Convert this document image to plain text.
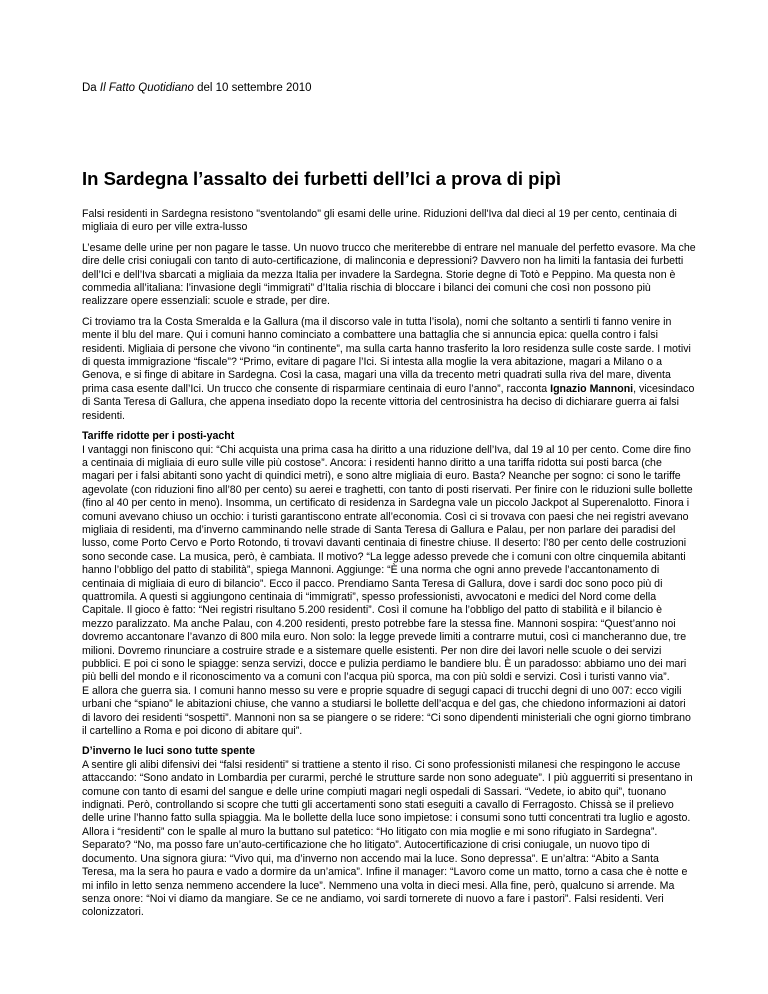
Da Il Fatto Quotidiano del 10 settembre 2010
In Sardegna l’assalto dei furbetti dell’Ici a prova di pipì

Falsi residenti in Sardegna resistono "sventolando" gli esami delle urine. Riduzioni dell'Iva dal dieci al 19 per cento, centinaia di migliaia di euro per ville extra-lusso

L’esame delle urine per non pagare le tasse. Un nuovo trucco che meriterebbe di entrare nel manuale del perfetto evasore. Ma che dire delle crisi coniugali con tanto di auto-certificazione, di malinconia e depressioni? Davvero non ha limiti la fantasia dei furbetti dell’Ici e dell’Iva sbarcati a migliaia da mezza Italia per invadere la Sardegna. Storie degne di Totò e Peppino. Ma questa non è commedia all’italiana: l’invasione degli “immigrati” d’Italia rischia di bloccare i bilanci dei comuni che così non possono più realizzare opere essenziali: scuole e strade, per dire.

Ci troviamo tra la Costa Smeralda e la Gallura (ma il discorso vale in tutta l’isola), nomi che soltanto a sentirli ti fanno venire in mente il blu del mare. Qui i comuni hanno cominciato a combattere una battaglia che si annuncia epica: quella contro i falsi residenti. Migliaia di persone che vivono “in continente”, ma sulla carta hanno trasferito la loro residenza sulle coste sarde. I motivi di questa immigrazione “fiscale”? “Primo, evitare di pagare l’Ici. Si intesta alla moglie la vera abitazione, magari a Milano o a Genova, e si finge di abitare in Sardegna. Così la casa, magari una villa da trecento metri quadrati sulla riva del mare, diventa prima casa esente dall’Ici. Un trucco che consente di risparmiare centinaia di euro l’anno”, racconta Ignazio Mannoni, vicesindaco di Santa Teresa di Gallura, che appena insediato dopo la recente vittoria del centrosinistra ha deciso di dichiarare guerra ai falsi residenti.

Tariffe ridotte per i posti-yacht

I vantaggi non finiscono qui: “Chi acquista una prima casa ha diritto a una riduzione dell’Iva, dal 19 al 10 per cento. Come dire fino a centinaia di migliaia di euro sulle ville più costose”. Ancora: i residenti hanno diritto a una tariffa ridotta sui posti barca (che magari per i falsi abitanti sono yacht di quindici metri), e sono altre migliaia di euro. Basta? Neanche per sogno: ci sono le tariffe agevolate (con riduzioni fino all’80 per cento) su aerei e traghetti, con tanto di posti riservati. Per finire con le riduzioni sulle bollette (fino al 40 per cento in meno). Insomma, un certificato di residenza in Sardegna vale un piccolo Jackpot al Superenalotto. Finora i comuni avevano chiuso un occhio: i turisti garantiscono entrate all’economia. Così ci si trovava con paesi che nei registri avevano migliaia di residenti, ma d’inverno camminando nelle strade di Santa Teresa di Gallura e Palau, per non parlare dei paradisi del lusso, come Porto Cervo e Porto Rotondo, ti trovavi davanti centinaia di finestre chiuse. Il deserto: l’80 per cento delle costruzioni sono seconde case. La musica, però, è cambiata. Il motivo? “La legge adesso prevede che i comuni con oltre cinquemila abitanti hanno l’obbligo del patto di stabilità”, spiega Mannoni. Aggiunge: “È una norma che ogni anno prevede l’accantonamento di centinaia di migliaia di euro di bilancio”. Ecco il pacco. Prendiamo Santa Teresa di Gallura, dove i sardi doc sono poco più di quattromila. A questi si aggiungono centinaia di “immigrati”, spesso professionisti, avvocatoni e medici del Nord come della Capitale. Il gioco è fatto: “Nei registri risultano 5.200 residenti”. Così il comune ha l’obbligo del patto di stabilità e il bilancio è mezzo paralizzato. Ma anche Palau, con 4.200 residenti, presto potrebbe fare la stessa fine. Mannoni sospira: “Quest’anno noi dovremo accantonare l’avanzo di 800 mila euro. Non solo: la legge prevede limiti a contrarre mutui, così ci mancheranno due, tre milioni. Dovremo rinunciare a costruire strade e a sistemare quelle esistenti. Per non dire dei lavori nelle scuole o dei servizi pubblici. E poi ci sono le spiagge: senza servizi, docce e pulizia perdiamo le bandiere blu. È un paradosso: abbiamo uno dei mari più belli del mondo e il riconoscimento va a comuni con l’acqua più sporca, ma con più soldi e servizi. Così i turisti vanno via”.
E allora che guerra sia. I comuni hanno messo su vere e proprie squadre di segugi capaci di trucchi degni di uno 007: ecco vigili urbani che “spiano” le abitazioni chiuse, che vanno a studiarsi le bollette dell’acqua e del gas, che chiedono informazioni ai datori di lavoro dei residenti “sospetti”. Mannoni non sa se piangere o se ridere: “Ci sono dipendenti ministeriali che ogni giorno timbrano il cartellino a Roma e poi dicono di abitare qui”.

D’inverno le luci sono tutte spente

A sentire gli alibi difensivi dei “falsi residenti” si trattiene a stento il riso. Ci sono professionisti milanesi che respingono le accuse attaccando: “Sono andato in Lombardia per curarmi, perché le strutture sarde non sono adeguate”. I più agguerriti si presentano in comune con tanto di esami del sangue e delle urine compiuti magari negli ospedali di Sassari. “Vedete, io abito qui”, tuonano indignati. Però, controllando si scopre che tutti gli accertamenti sono stati eseguiti a cavallo di Ferragosto. Chissà se il prelievo delle urine l’hanno fatto sulla spiaggia. Ma le bollette della luce sono impietose: i consumi sono tutti concentrati tra luglio e agosto.
Allora i “residenti” con le spalle al muro la buttano sul patetico: “Ho litigato con mia moglie e mi sono rifugiato in Sardegna”. Separato? “No, ma posso fare un’auto-certificazione che ho litigato”. Autocertificazione di crisi coniugale, un nuovo tipo di documento. Una signora giura: “Vivo qui, ma d’inverno non accendo mai la luce. Sono depressa”. E un’altra: “Abito a Santa Teresa, ma la sera ho paura e vado a dormire da un’amica”. Infine il manager: “Lavoro come un matto, torno a casa che è notte e mi infilo in letto senza nemmeno accendere la luce”. Nemmeno una volta in dieci mesi. Alla fine, però, qualcuno si arrende. Ma senza onore: “Noi vi diamo da mangiare. Se ce ne andiamo, voi sardi tornerete di nuovo a fare i pastori”. Falsi residenti. Veri colonizzatori.
